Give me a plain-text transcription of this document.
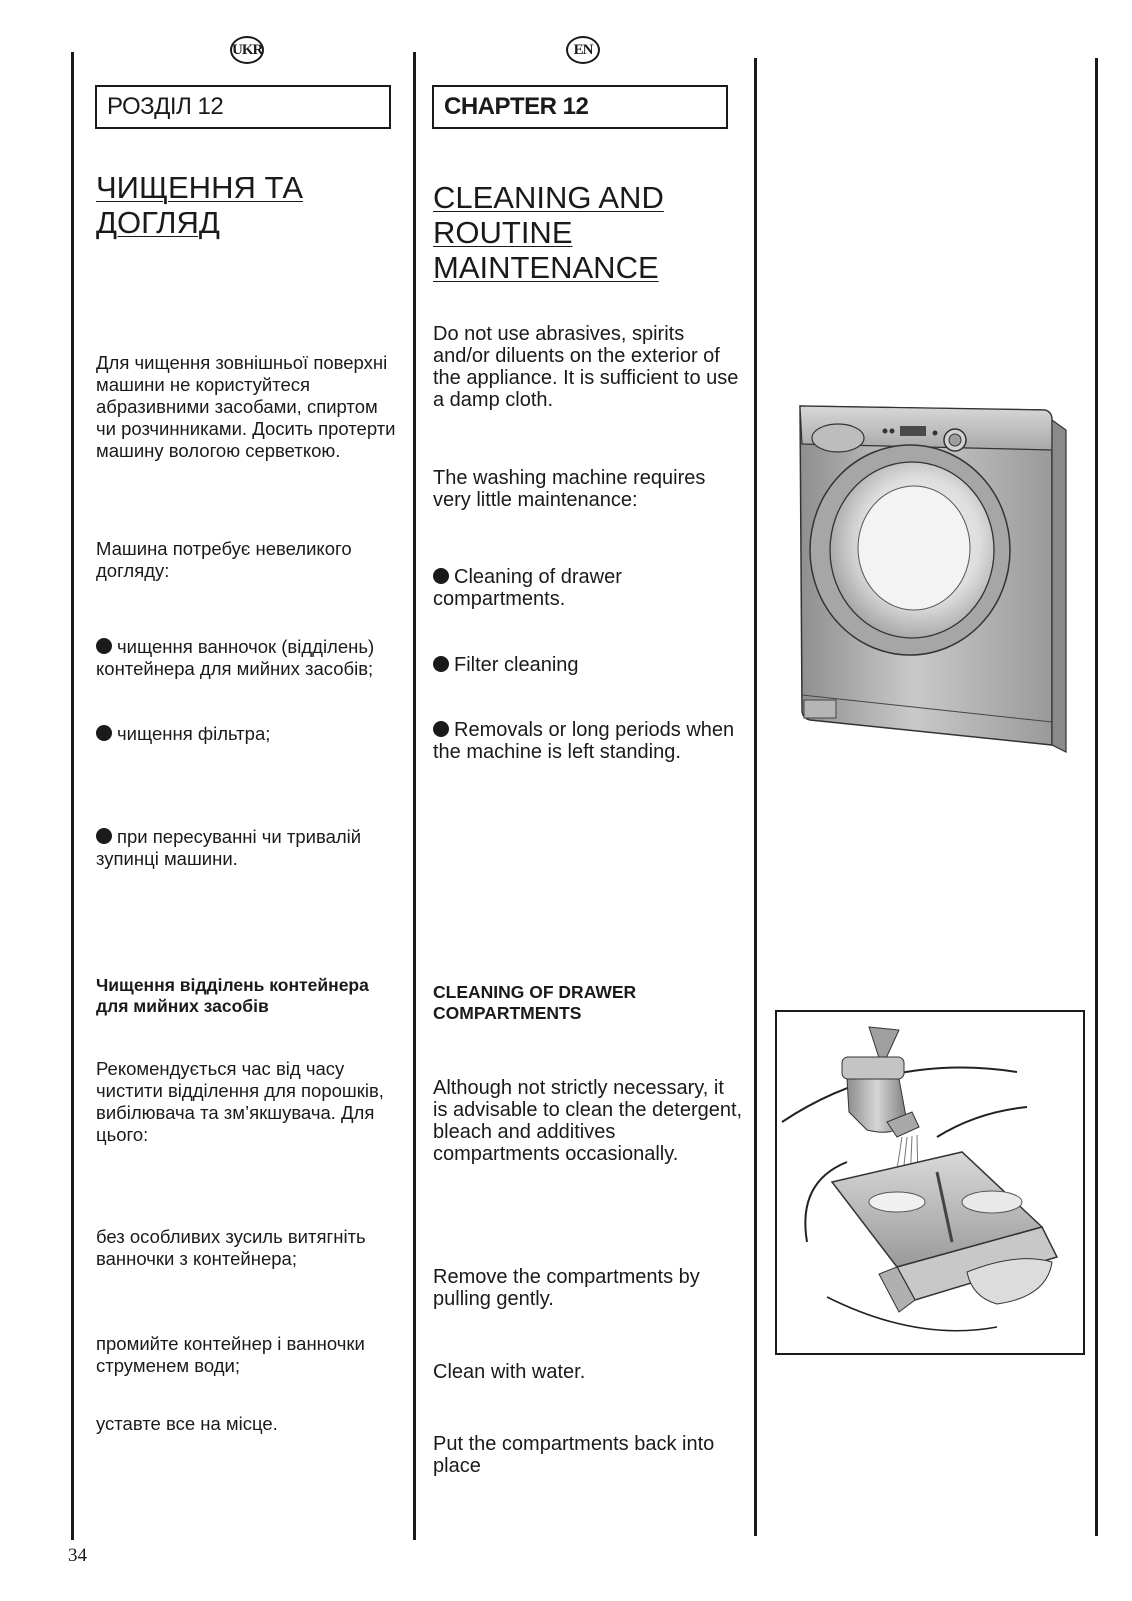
UKR	EN
РОЗДІЛ 12
ЧИЩЕННЯ ТА ДОГЛЯД
Для чищення зовнішньої поверхні машини не користуйтеся абразивними засобами, спиртом чи розчинниками. Досить протерти машину вологою серветкою.
Машина потребує невеликого догляду:
чищення ванночок (відділень) контейнера для мийних засобів;
чищення фільтра;
при пересуванні чи тривалій зупинці машини.
Чищення відділень контейнера для мийних засобів
Рекомендується час від часу чистити відділення для порошків, вибілювача та зм’якшувача. Для цього:
без особливих зусиль витягніть ванночки з контейнера;
промийте контейнер і ванночки струменем води;
уставте все на місце.
CHAPTER 12
CLEANING AND ROUTINE MAINTENANCE
Do not use abrasives, spirits and/or diluents on the exterior of the appliance. It is sufficient to use a damp cloth.
The washing machine requires very little maintenance:
Cleaning of drawer compartments.
Filter cleaning
Removals or long periods when the machine is left standing.
CLEANING OF DRAWER COMPARTMENTS
Although not strictly necessary, it is advisable to clean the detergent, bleach and additives compartments occasionally.
Remove the compartments by pulling gently.
Clean with water.
Put the compartments back into place
34
